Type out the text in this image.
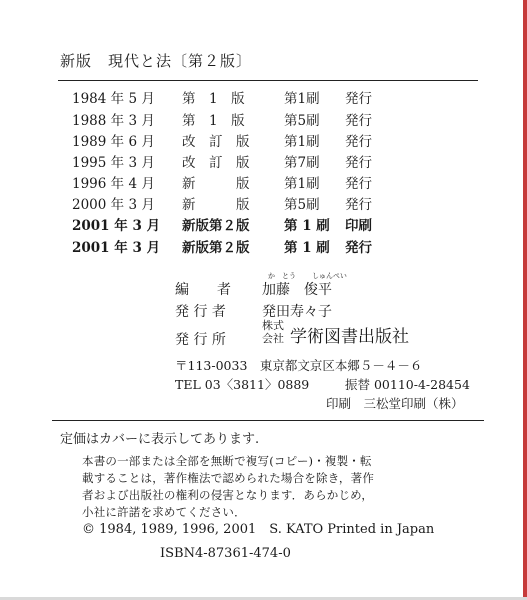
新版　現代と法〔第２版〕
1984 年 5 月 第　1　版	第1刷 発行
1988 年 3 月 第　1　版	第5刷 発行
1989 年 6 月 改　訂　版	第1刷 発行
1995 年 3 月 改　訂　版	第7刷 発行
1996 年 4 月 新　　　版	第1刷 発行
2000 年 3 月 新　　　版	第5刷 発行
2001 年 3 月 新版第２版	第 1 刷 印刷
2001 年 3 月 新版第２版	第 1 刷 発行
か　とう しゅんぺい
編　　者 加藤　俊平
発 行 者	発田寿々子
発 行 所
株式
会社 学術図書出版社
〒113-0033　東京都文京区本郷５－４－６
TEL 03〈3811〉0889	振替 00110-4-28454
印刷　三松堂印刷（株）
定価はカバーに表示してあります.
本書の一部または全部を無断で複写(コピー)・複製・転
載することは，著作権法で認められた場合を除き，著作
者および出版社の権利の侵害となります．あらかじめ，
小社に許諾を求めてください．
© 1984, 1989, 1996, 2001　S. KATO Printed in Japan
ISBN4-87361-474-0
